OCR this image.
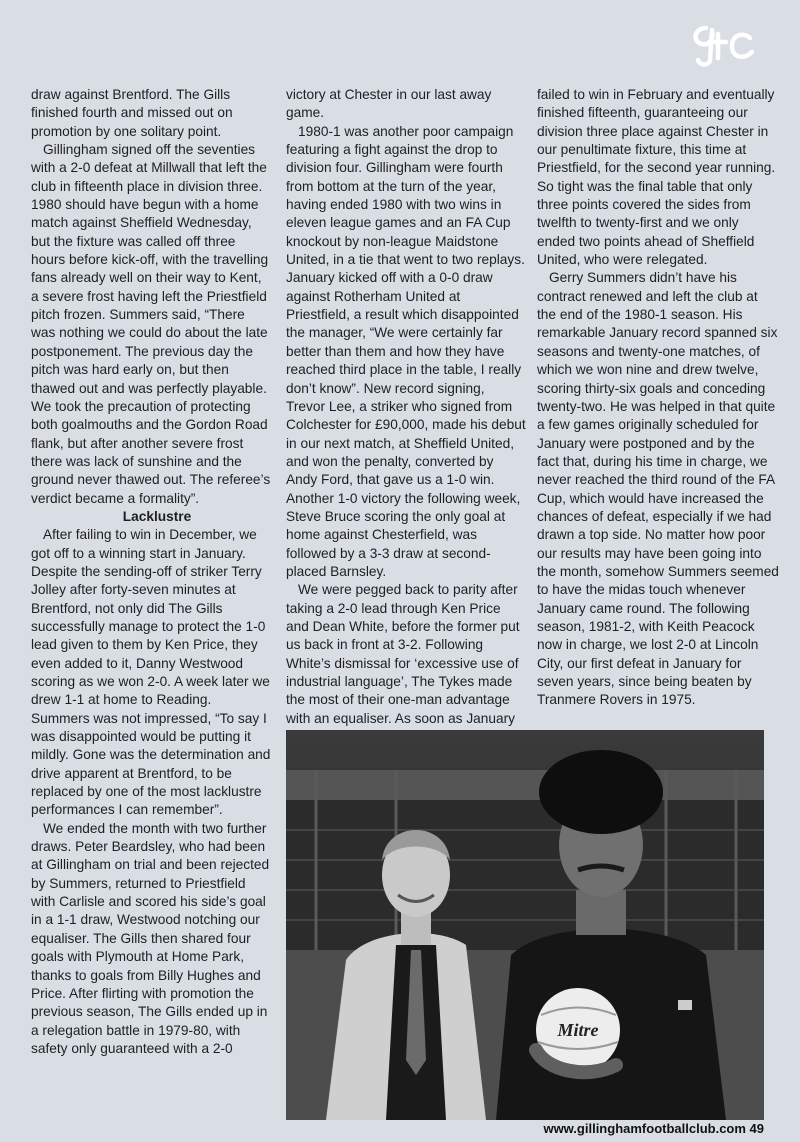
draw against Brentford. The Gills finished fourth and missed out on promotion by one solitary point.

Gillingham signed off the seventies with a 2-0 defeat at Millwall that left the club in fifteenth place in division three. 1980 should have begun with a home match against Sheffield Wednesday, but the fixture was called off three hours before kick-off, with the travelling fans already well on their way to Kent, a severe frost having left the Priestfield pitch frozen. Summers said, “There was nothing we could do about the late postponement. The previous day the pitch was hard early on, but then thawed out and was perfectly playable. We took the precaution of protecting both goalmouths and the Gordon Road flank, but after another severe frost there was lack of sunshine and the ground never thawed out. The referee’s verdict became a formality”.

Lacklustre

After failing to win in December, we got off to a winning start in January. Despite the sending-off of striker Terry Jolley after forty-seven minutes at Brentford, not only did The Gills successfully manage to protect the 1-0 lead given to them by Ken Price, they even added to it, Danny Westwood scoring as we won 2-0. A week later we drew 1-1 at home to Reading. Summers was not impressed, “To say I was disappointed would be putting it mildly. Gone was the determination and drive apparent at Brentford, to be replaced by one of the most lacklustre performances I can remember”.

We ended the month with two further draws. Peter Beardsley, who had been at Gillingham on trial and been rejected by Summers, returned to Priestfield with Carlisle and scored his side’s goal in a 1-1 draw, Westwood notching our equaliser. The Gills then shared four goals with Plymouth at Home Park, thanks to goals from Billy Hughes and Price. After flirting with promotion the previous season, The Gills ended up in a relegation battle in 1979-80, with safety only guaranteed with a 2-0

victory at Chester in our last away game.

1980-1 was another poor campaign featuring a fight against the drop to division four. Gillingham were fourth from bottom at the turn of the year, having ended 1980 with two wins in eleven league games and an FA Cup knockout by non-league Maidstone United, in a tie that went to two replays. January kicked off with a 0-0 draw against Rotherham United at Priestfield, a result which disappointed the manager, “We were certainly far better than them and how they have reached third place in the table, I really don’t know”. New record signing, Trevor Lee, a striker who signed from Colchester for £90,000, made his debut in our next match, at Sheffield United, and won the penalty, converted by Andy Ford, that gave us a 1-0 win. Another 1-0 victory the following week, Steve Bruce scoring the only goal at home against Chesterfield, was followed by a 3-3 draw at second-placed Barnsley.

We were pegged back to parity after taking a 2-0 lead through Ken Price and Dean White, before the former put us back in front at 3-2. Following White’s dismissal for ‘excessive use of industrial language’, The Tykes made the most of their one-man advantage with an equaliser. As soon as January

failed to win in February and eventually finished fifteenth, guaranteeing our division three place against Chester in our penultimate fixture, this time at Priestfield, for the second year running. So tight was the final table that only three points covered the sides from twelfth to twenty-first and we only ended two points ahead of Sheffield United, who were relegated.

Gerry Summers didn’t have his contract renewed and left the club at the end of the 1980-1 season. His remarkable January record spanned six seasons and twenty-one matches, of which we won nine and drew twelve, scoring thirty-six goals and conceding twenty-two. He was helped in that quite a few games originally scheduled for January were postponed and by the fact that, during his time in charge, we never reached the third round of the FA Cup, which would have increased the chances of defeat, especially if we had drawn a top side. No matter how poor our results may have been going into the month, somehow Summers seemed to have the midas touch whenever January came round. The following season, 1981-2, with Keith Peacock now in charge, we lost 2-0 at Lincoln City, our first defeat in January for seven years, since being beaten by Tranmere Rovers in 1975.

Mitre
www.gillinghamfootballclub.com 49
